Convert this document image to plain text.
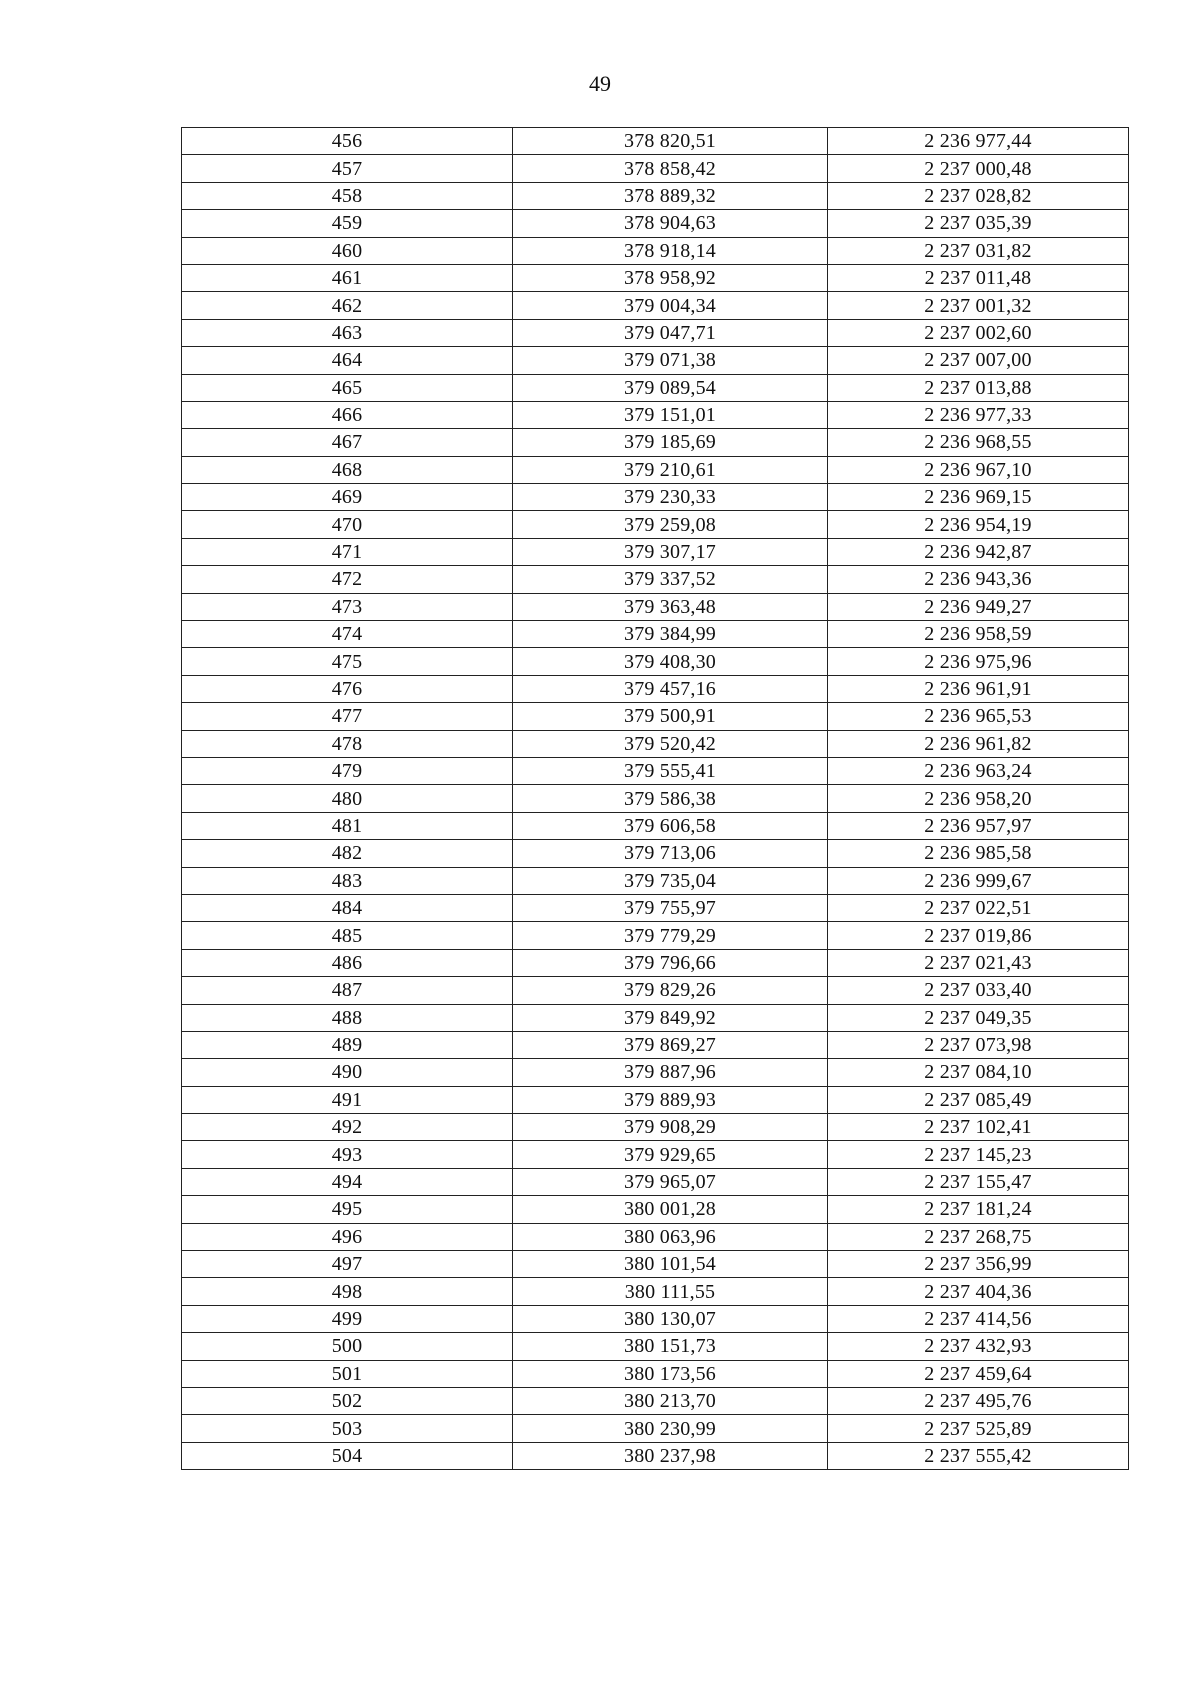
49
456	378 820,51	2 236 977,44
457	378 858,42	2 237 000,48
458	378 889,32	2 237 028,82
459	378 904,63	2 237 035,39
460	378 918,14	2 237 031,82
461	378 958,92	2 237 011,48
462	379 004,34	2 237 001,32
463	379 047,71	2 237 002,60
464	379 071,38	2 237 007,00
465	379 089,54	2 237 013,88
466	379 151,01	2 236 977,33
467	379 185,69	2 236 968,55
468	379 210,61	2 236 967,10
469	379 230,33	2 236 969,15
470	379 259,08	2 236 954,19
471	379 307,17	2 236 942,87
472	379 337,52	2 236 943,36
473	379 363,48	2 236 949,27
474	379 384,99	2 236 958,59
475	379 408,30	2 236 975,96
476	379 457,16	2 236 961,91
477	379 500,91	2 236 965,53
478	379 520,42	2 236 961,82
479	379 555,41	2 236 963,24
480	379 586,38	2 236 958,20
481	379 606,58	2 236 957,97
482	379 713,06	2 236 985,58
483	379 735,04	2 236 999,67
484	379 755,97	2 237 022,51
485	379 779,29	2 237 019,86
486	379 796,66	2 237 021,43
487	379 829,26	2 237 033,40
488	379 849,92	2 237 049,35
489	379 869,27	2 237 073,98
490	379 887,96	2 237 084,10
491	379 889,93	2 237 085,49
492	379 908,29	2 237 102,41
493	379 929,65	2 237 145,23
494	379 965,07	2 237 155,47
495	380 001,28	2 237 181,24
496	380 063,96	2 237 268,75
497	380 101,54	2 237 356,99
498	380 111,55	2 237 404,36
499	380 130,07	2 237 414,56
500	380 151,73	2 237 432,93
501	380 173,56	2 237 459,64
502	380 213,70	2 237 495,76
503	380 230,99	2 237 525,89
504	380 237,98	2 237 555,42
